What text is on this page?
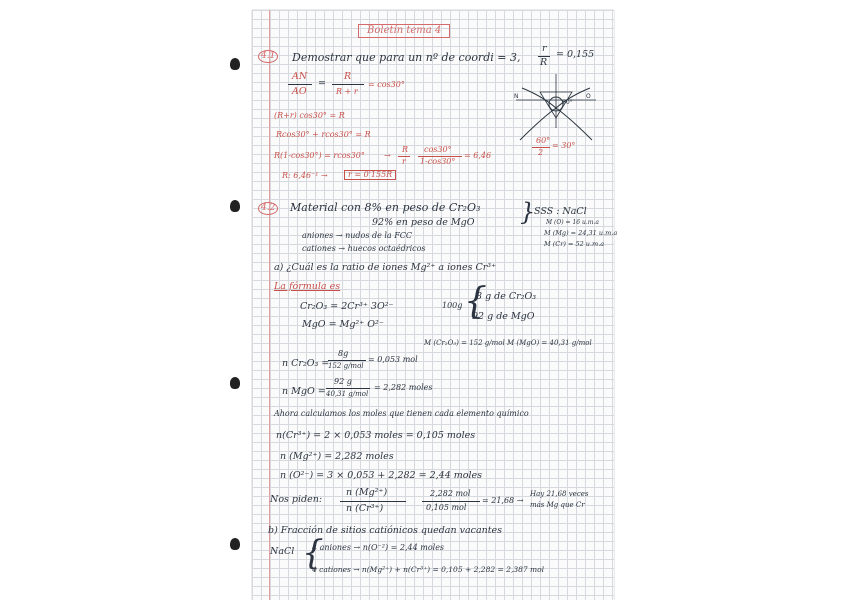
Boletín tema 4
4.1 Demostrar que para un nº de coordi = 3,
r
R
= 0,155
AN
AO
=
R
R + r
= cos30°
(R+r) cos30° = R
Rcos30° + rcos30° = R
R(1-cos30°) = rcos30° →
R
r
cos30°
1-cos30°
= 6,46
R: 6,46⁻¹ →	r = 0'155R
N
60°
O
60°
2
= 30°
4.2 Material con 8% en peso de Cr₂O₃
92% en peso de MgO }
SSS : NaCl
M (O) = 16 u.m.a
M (Mg) = 24,31 u.m.a
M (Cr) = 52 u.m.a
aniones → nudos de la FCC
cationes → huecos octaédricos
a) ¿Cuál es la ratio de iones Mg²⁺ a iones Cr³⁺
La fórmula es
Cr₂O₃ = 2Cr³⁺ 3O²⁻
MgO = Mg²⁺ O²⁻
100g {
8 g de Cr₂O₃
92 g de MgO
M (Cr₂O₃) = 152 g/mol M (MgO) = 40,31 g/mol
n Cr₂O₃ =
8g
152 g/mol
= 0,053 mol
n MgO =
92 g
40,31 g/mol
= 2,282 moles
Ahora calculamos los moles que tienen cada elemento químico
n(Cr³⁺) = 2 × 0,053 moles = 0,105 moles
n (Mg²⁺) = 2,282 moles
n (O²⁻) = 3 × 0,053 + 2,282 = 2,44 moles
Nos piden:
n (Mg²⁺)
n (Cr³⁺)
2,282 mol
0,105 mol
= 21,68 →
Hay 21,68 veces
más Mg que Cr
b) Fracción de sitios catiónicos quedan vacantes
NaCl {
4 aniones → n(O⁻²) = 2,44 moles
4 cationes → n(Mg²⁺) + n(Cr³⁺) = 0,105 + 2,282 = 2,387 mol
